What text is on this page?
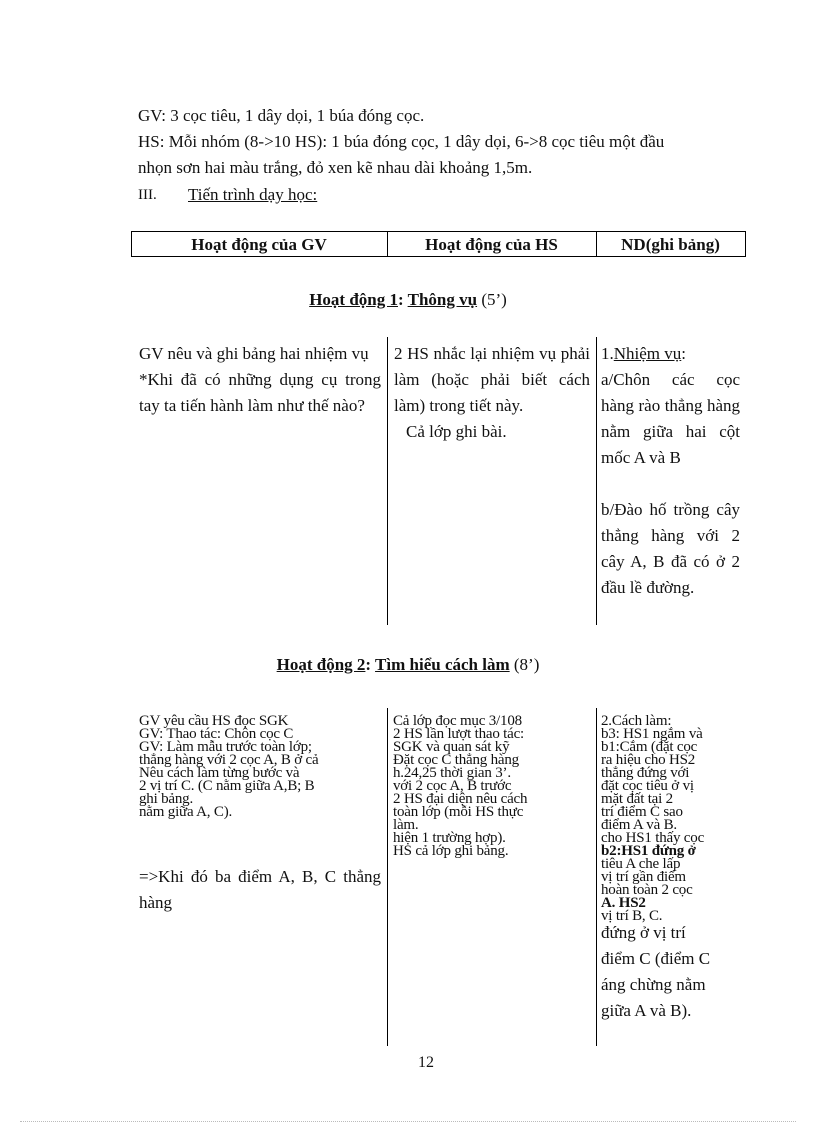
GV: 3 cọc tiêu, 1 dây dọi, 1 búa đóng cọc.
HS: Mỗi nhóm (8->10 HS): 1 búa đóng cọc, 1 dây dọi, 6->8 cọc tiêu một đầu
nhọn sơn hai màu trắng, đỏ xen kẽ nhau dài khoảng 1,5m.
III. Tiến trình dạy học:
Hoạt động của GV	Hoạt động của HS	ND(ghi bảng)
Hoạt động 1: Thông vụ (5’)
GV nêu và ghi bảng hai nhiệm vụ
*Khi đã có những dụng cụ trong tay ta tiến hành làm như thế nào?
2 HS nhắc lại nhiệm vụ phải làm (hoặc phải biết cách làm) trong tiết này.
Cả lớp ghi bài.
1.Nhiệm vụ:
a/Chôn các cọc hàng rào thẳng hàng nằm giữa hai cột mốc A và B
b/Đào hố trồng cây thẳng hàng với 2 cây A, B đã có ở 2 đầu lề đường.
Hoạt động 2: Tìm hiểu cách làm (8’)
GV yêu cầu HS đọc SGK
GV: Thao tác: Chôn cọc C
GV: Làm mẫu trước toàn lớp;
thẳng hàng với 2 cọc A, B ở cả
Nêu cách làm từng bước và
2 vị trí C. (C nằm giữa A,B; B
ghi bảng.
nằm giữa A, C).
=>Khi đó ba điểm A, B, C thẳng hàng
Cả lớp đọc mục 3/108
2 HS lần lượt thao tác:
SGK và quan sát kỹ
Đặt cọc C thẳng hàng
h.24,25 thời gian 3’.
với 2 cọc A, B trước
2 HS đại diện nêu cách
toàn lớp (mỗi HS thực
làm.
hiện 1 trường hợp).
HS cả lớp ghi bảng.
2.Cách làm:
b3: HS1 ngắm và
b1:Cắm (đặt cọc
ra hiệu cho HS2
thẳng đứng với
đặt cọc tiêu ở vị
mặt đất tại 2
trí điểm C sao
điểm A và B.
cho HS1 thấy cọc
b2:HS1 đứng ở
tiêu A che lấp
vị trí gần điểm
hoàn toàn 2 cọc
A. HS2
vị trí B, C.
đứng ở vị trí
điểm C (điểm C
áng chừng nằm
giữa A và B).
12
